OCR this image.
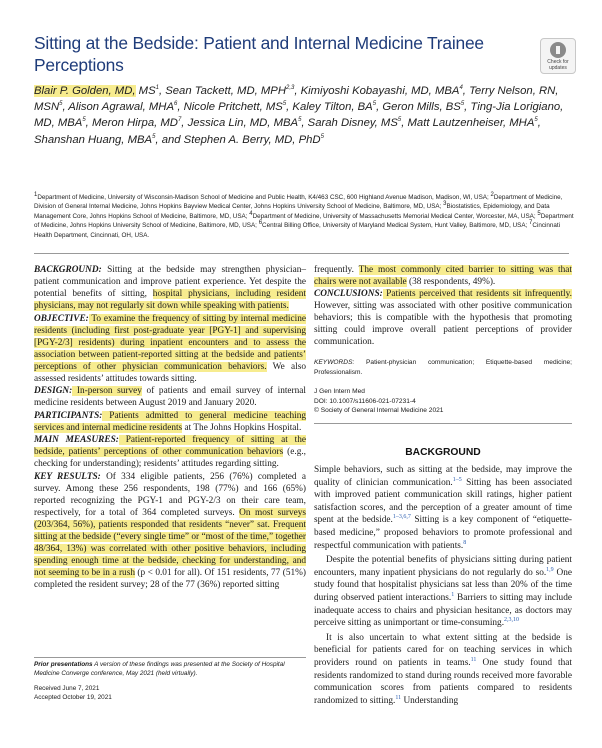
Sitting at the Bedside: Patient and Internal Medicine Trainee Perceptions	Check for updates
Blair P. Golden, MD, $MS^1$, Sean Tackett, MD, MPH$^{2,3}$, Kimiyoshi Kobayashi, MD, MBA$^4$, Terry Nelson, RN, MSN$^5$, Alison Agrawal, MHA$^6$, Nicole Pritchett, $MS^5$, Kaley Tilton, $BA^5$, Geron Mills, $BS^5$, Ting-Jia Lorigiano, MD, MBA$^5$, Meron Hirpa, $MD^7$, Jessica Lin, MD, MBA$^5$, Sarah Disney, $MS^5$, Matt Lautzenheiser, MHA$^5$, Shanshan Huang, MBA$^5$, and Stephen A. Berry, MD, PhD$^5$
1Department of Medicine, University of Wisconsin-Madison School of Medicine and Public Health, K4/463 CSC, 600 Highland Avenue Madison, Madison, WI, USA; 2Department of Medicine, Division of General Internal Medicine, Johns Hopkins Bayview Medical Center, Johns Hopkins University School of Medicine, Baltimore, MD, USA; 3Biostatistics, Epidemiology, and Data Management Core, Johns Hopkins School of Medicine, Baltimore, MD, USA; 4Department of Medicine, University of Massachusetts Memorial Medical Center, Worcester, MA, USA; 5Department of Medicine, Johns Hopkins University School of Medicine, Baltimore, MD, USA; 6Central Billing Office, University of Maryland Medical System, Hunt Valley, Baltimore, MD, USA; 7Cincinnati Health Department, Cincinnati, OH, USA.

BACKGROUND: Sitting at the bedside may strengthen physician–patient communication and improve patient experience. Yet despite the potential benefits of sitting, hospital physicians, including resident physicians, may not regularly sit down while speaking with patients.

OBJECTIVE: To examine the frequency of sitting by internal medicine residents (including first post-graduate year [PGY-1] and supervising [PGY-2/3] residents) during inpatient encounters and to assess the association between patient-reported sitting at the bedside and patients’ perceptions of other physician communication behaviors. We also assessed residents’ attitudes towards sitting.

DESIGN: In-person survey of patients and email survey of internal medicine residents between August 2019 and January 2020.

PARTICIPANTS: Patients admitted to general medicine teaching services and internal medicine residents at The Johns Hopkins Hospital.

MAIN MEASURES: Patient-reported frequency of sitting at the bedside, patients’ perceptions of other communication behaviors (e.g., checking for understanding); residents’ attitudes regarding sitting.

KEY RESULTS: Of 334 eligible patients, 256 (76%) completed a survey. Among these 256 respondents, 198 (77%) and 166 (65%) reported recognizing the PGY-1 and PGY-2/3 on their care team, respectively, for a total of 364 completed surveys. On most surveys (203/364, 56%), patients responded that residents “never” sat. Frequent sitting at the bedside (“every single time” or “most of the time,” together 48/364, 13%) was correlated with other positive behaviors, including spending enough time at the bedside, checking for understanding, and not seeming to be in a rush (p < 0.01 for all). Of 151 residents, 77 (51%) completed the resident survey; 28 of the 77 (36%) reported sitting

frequently. The most commonly cited barrier to sitting was that chairs were not available (38 respondents, 49%).

CONCLUSIONS: Patients perceived that residents sit infrequently. However, sitting was associated with other positive communication behaviors; this is compatible with the hypothesis that promoting sitting could improve overall patient perceptions of provider communication.

KEYWORDS: Patient-physician communication; Etiquette-based medicine; Professionalism.
J Gen Intern Med
DOI: 10.1007/s11606-021-07231-4
© Society of General Internal Medicine 2021
BACKGROUND

Simple behaviors, such as sitting at the bedside, may improve the quality of clinician communication.$^{1-5}$ Sitting has been associated with improved patient communication skill ratings, higher patient satisfaction scores, and the perception of a greater amount of time spent at the bedside.$^{1-3,6,7}$ Sitting is a key component of “etiquette-based medicine,” proposed behaviors to promote professional and respectful communication with patients.$^8$

Despite the potential benefits of physicians sitting during patient encounters, many inpatient physicians do not regularly do so.$^{1,9}$ One study found that hospitalist physicians sat less than 20% of the time during observed patient interactions.$^1$ Barriers to sitting may include inadequate access to chairs and physician hesitance, as doctors may perceive sitting as unimportant or time-consuming.$^{2,3,10}$

It is also uncertain to what extent sitting at the bedside is beneficial for patients cared for on teaching services in which providers round on patients in teams.$^{11}$ One study found that residents randomized to stand during rounds received more favorable communication scores from patients compared to residents randomized to sitting.$^{11}$ Understanding

Prior presentations A version of these findings was presented at the Society of Hospital Medicine Converge conference, May 2021 (held virtually).
Received June 7, 2021
Accepted October 19, 2021
